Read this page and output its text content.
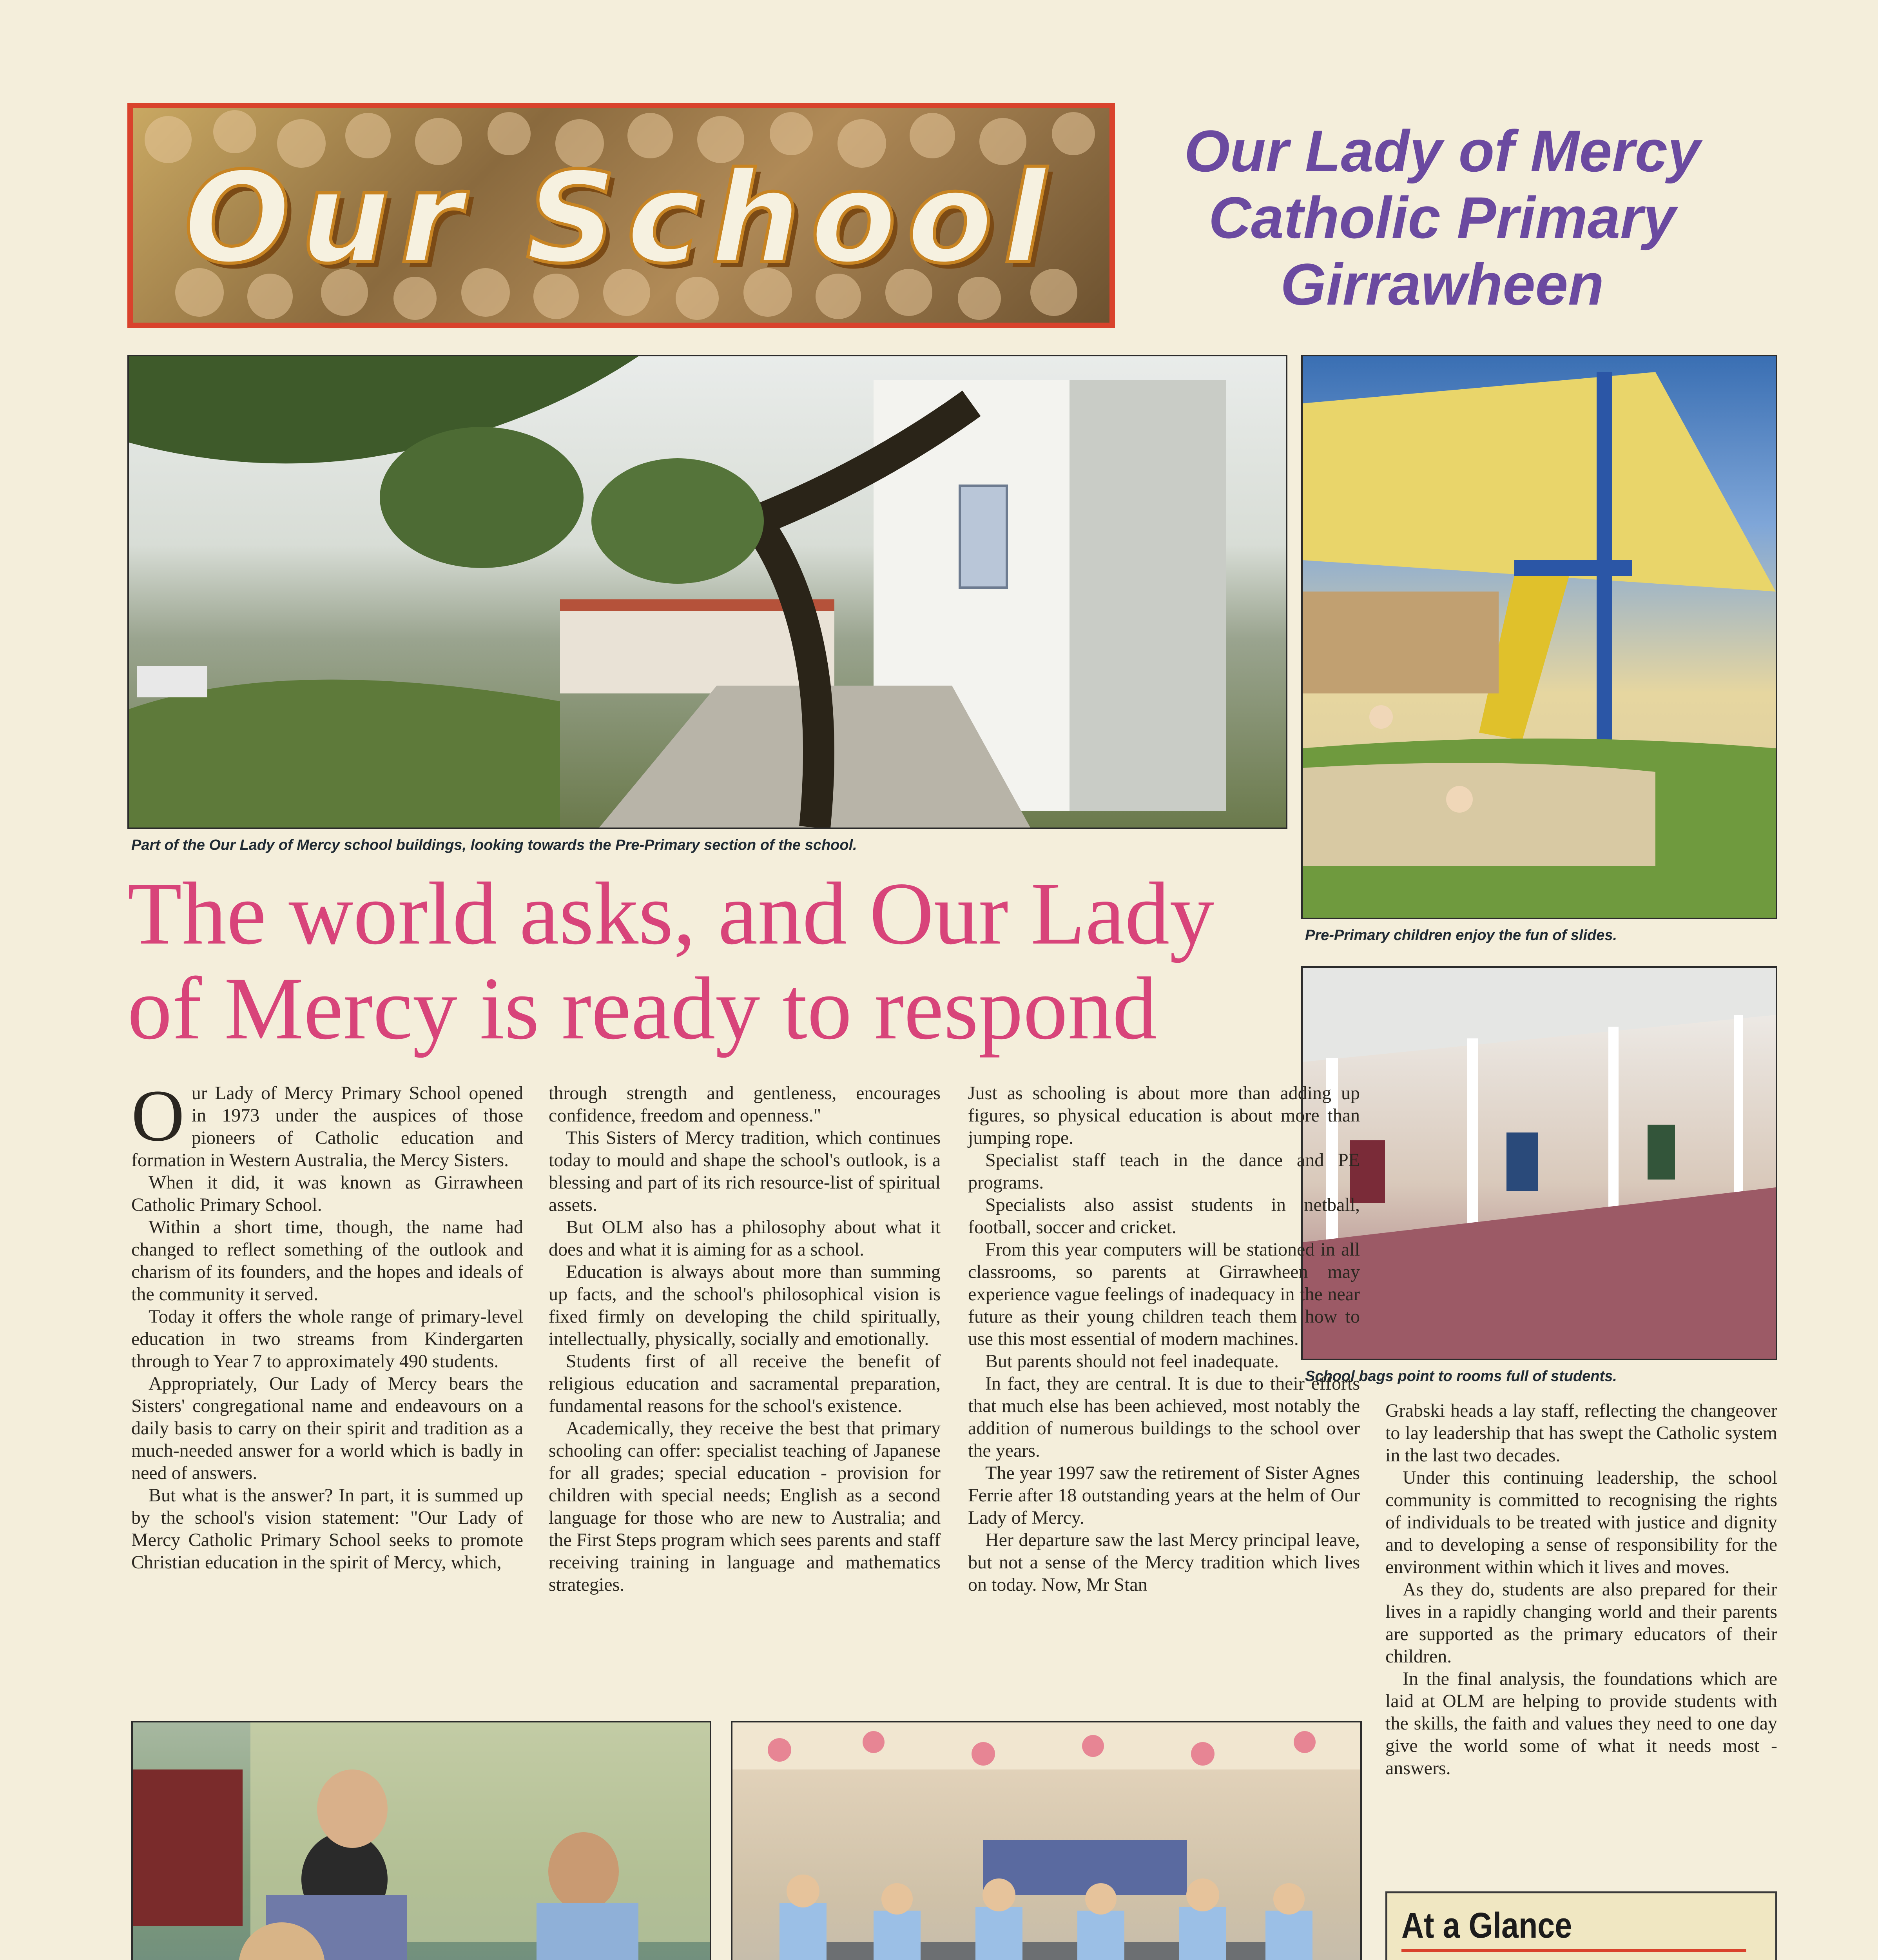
Our School	Our Lady of Mercy
Catholic Primary
Girrawheen
Part of the Our Lady of Mercy school buildings, looking towards the Pre-Primary section of the school.
Pre-Primary children enjoy the fun of slides.
The world asks, and Our Lady of Mercy is ready to respond
School bags point to rooms full of students.

Our Lady of Mercy Primary School opened in 1973 under the auspices of those pioneers of Catholic education and formation in Western Australia, the Mercy Sisters.

When it did, it was known as Girrawheen Catholic Primary School.

Within a short time, though, the name had changed to reflect something of the outlook and charism of its founders, and the hopes and ideals of the community it served.

Today it offers the whole range of primary-level education in two streams from Kindergarten through to Year 7 to approximately 490 students.

Appropriately, Our Lady of Mercy bears the Sisters' congregational name and endeavours on a daily basis to carry on their spirit and tradition as a much-needed answer for a world which is badly in need of answers.

But what is the answer? In part, it is summed up by the school's vision statement: "Our Lady of Mercy Catholic Primary School seeks to promote Christian education in the spirit of Mercy, which,

through strength and gentleness, encourages confidence, freedom and openness."

This Sisters of Mercy tradition, which continues today to mould and shape the school's outlook, is a blessing and part of its rich resource-list of spiritual assets.

But OLM also has a philosophy about what it does and what it is aiming for as a school.

Education is always about more than summing up facts, and the school's philosophical vision is fixed firmly on developing the child spiritually, intellectually, physically, socially and emotionally.

Students first of all receive the benefit of religious education and sacramental preparation, fundamental reasons for the school's existence.

Academically, they receive the best that primary schooling can offer: specialist teaching of Japanese for all grades; special education - provision for children with special needs; English as a second language for those who are new to Australia; and the First Steps program which sees parents and staff receiving training in language and mathematics strategies.

Just as schooling is about more than adding up figures, so physical education is about more than jumping rope.

Specialist staff teach in the dance and PE programs.

Specialists also assist students in netball, football, soccer and cricket.

From this year computers will be stationed in all classrooms, so parents at Girrawheen may experience vague feelings of inadequacy in the near future as their young children teach them how to use this most essential of modern machines.

But parents should not feel inadequate.

In fact, they are central. It is due to their efforts that much else has been achieved, most notably the addition of numerous buildings to the school over the years.

The year 1997 saw the retirement of Sister Agnes Ferrie after 18 outstanding years at the helm of Our Lady of Mercy.

Her departure saw the last Mercy principal leave, but not a sense of the Mercy tradition which lives on today. Now, Mr Stan

Grabski heads a lay staff, reflecting the changeover to lay leadership that has swept the Catholic system in the last two decades.

Under this continuing leadership, the school community is committed to recognising the rights of individuals to be treated with justice and dignity and to developing a sense of responsibility for the environment within which it lives and moves.

As they do, students are also prepared for their lives in a rapidly changing world and their parents are supported as the primary educators of their children.

In the final analysis, the foundations which are laid at OLM are helping to provide students with the skills, the faith and values they need to one day give the world some of what it needs most - answers.

At a Glance
